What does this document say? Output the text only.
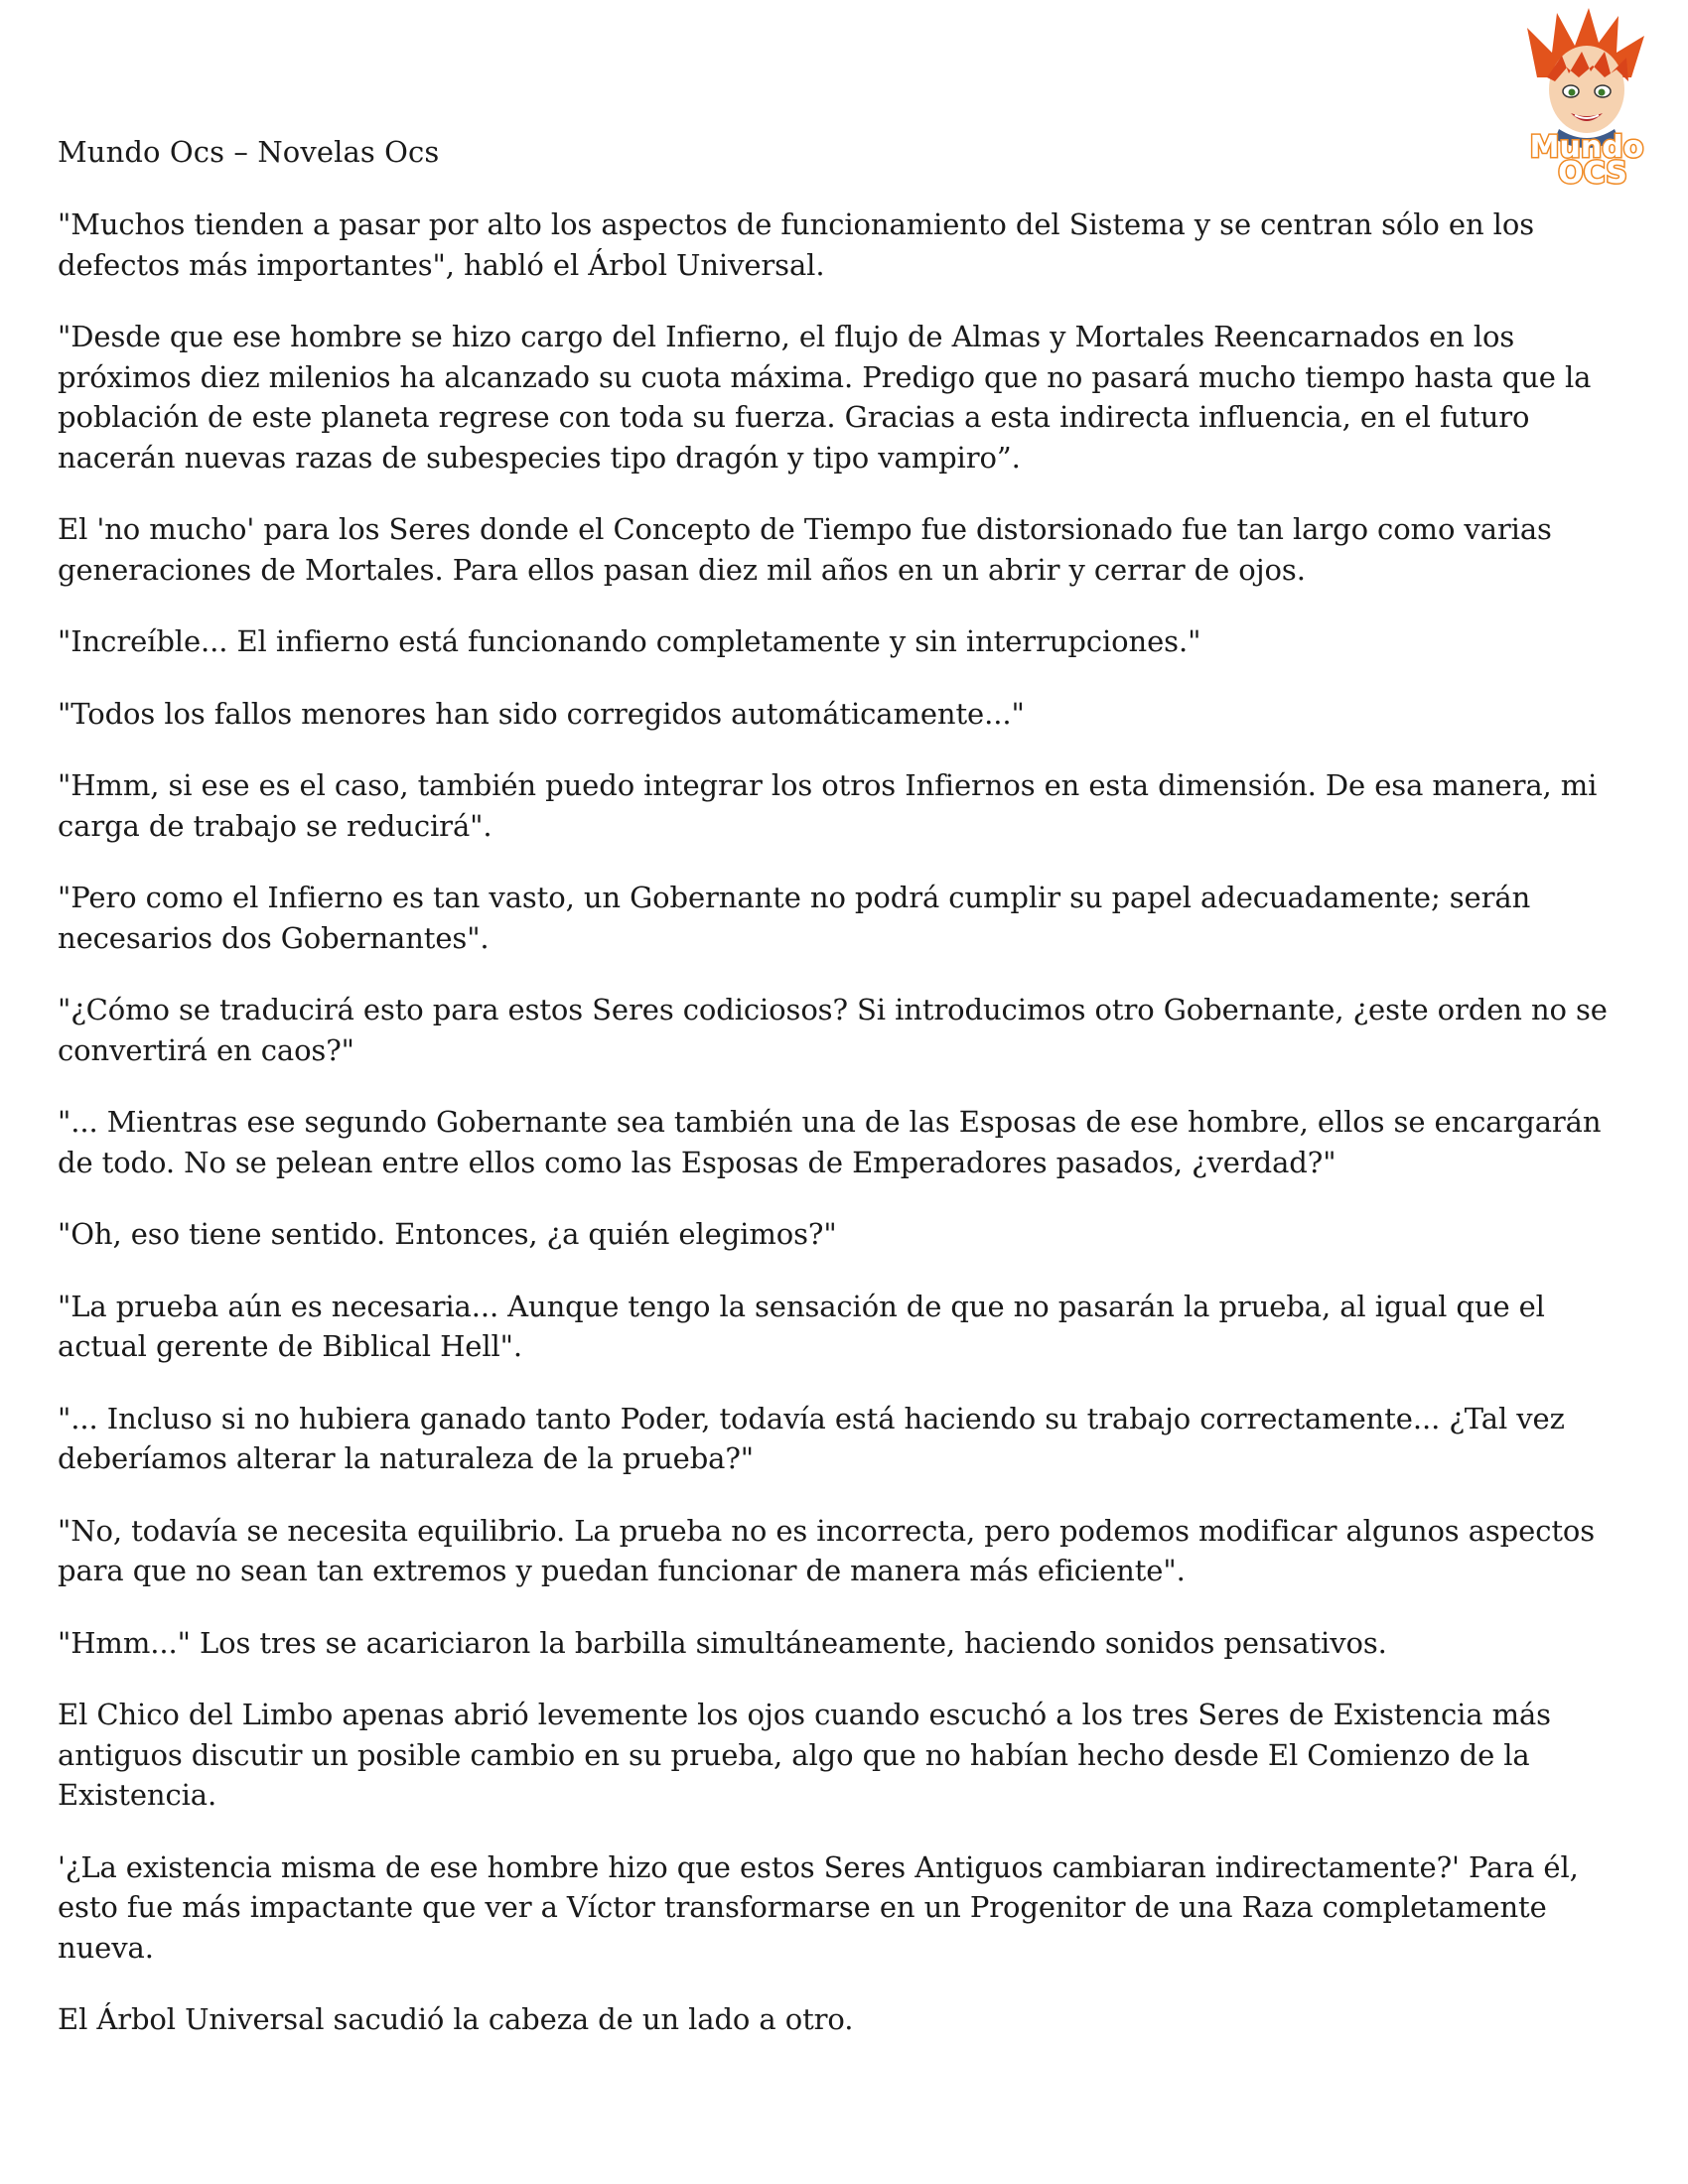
Mundo
OCS
Mundo Ocs – Novelas Ocs

"Muchos tienden a pasar por alto los aspectos de funcionamiento del Sistema y se centran sólo en los defectos más importantes", habló el Árbol Universal.

"Desde que ese hombre se hizo cargo del Infierno, el flujo de Almas y Mortales Reencarnados en los próximos diez milenios ha alcanzado su cuota máxima. Predigo que no pasará mucho tiempo hasta que la población de este planeta regrese con toda su fuerza. Gracias a esta indirecta influencia, en el futuro nacerán nuevas razas de subespecies tipo dragón y tipo vampiro”.

El 'no mucho' para los Seres donde el Concepto de Tiempo fue distorsionado fue tan largo como varias generaciones de Mortales. Para ellos pasan diez mil años en un abrir y cerrar de ojos.

"Increíble... El infierno está funcionando completamente y sin interrupciones."

"Todos los fallos menores han sido corregidos automáticamente..."

"Hmm, si ese es el caso, también puedo integrar los otros Infiernos en esta dimensión. De esa manera, mi carga de trabajo se reducirá".

"Pero como el Infierno es tan vasto, un Gobernante no podrá cumplir su papel adecuadamente; serán necesarios dos Gobernantes".

"¿Cómo se traducirá esto para estos Seres codiciosos? Si introducimos otro Gobernante, ¿este orden no se convertirá en caos?"

"... Mientras ese segundo Gobernante sea también una de las Esposas de ese hombre, ellos se encargarán de todo. No se pelean entre ellos como las Esposas de Emperadores pasados, ¿verdad?"

"Oh, eso tiene sentido. Entonces, ¿a quién elegimos?"

"La prueba aún es necesaria... Aunque tengo la sensación de que no pasarán la prueba, al igual que el actual gerente de Biblical Hell".

"... Incluso si no hubiera ganado tanto Poder, todavía está haciendo su trabajo correctamente... ¿Tal vez deberíamos alterar la naturaleza de la prueba?"

"No, todavía se necesita equilibrio. La prueba no es incorrecta, pero podemos modificar algunos aspectos para que no sean tan extremos y puedan funcionar de manera más eficiente".

"Hmm..." Los tres se acariciaron la barbilla simultáneamente, haciendo sonidos pensativos.

El Chico del Limbo apenas abrió levemente los ojos cuando escuchó a los tres Seres de Existencia más antiguos discutir un posible cambio en su prueba, algo que no habían hecho desde El Comienzo de la Existencia.

'¿La existencia misma de ese hombre hizo que estos Seres Antiguos cambiaran indirectamente?' Para él, esto fue más impactante que ver a Víctor transformarse en un Progenitor de una Raza completamente nueva.

El Árbol Universal sacudió la cabeza de un lado a otro.
